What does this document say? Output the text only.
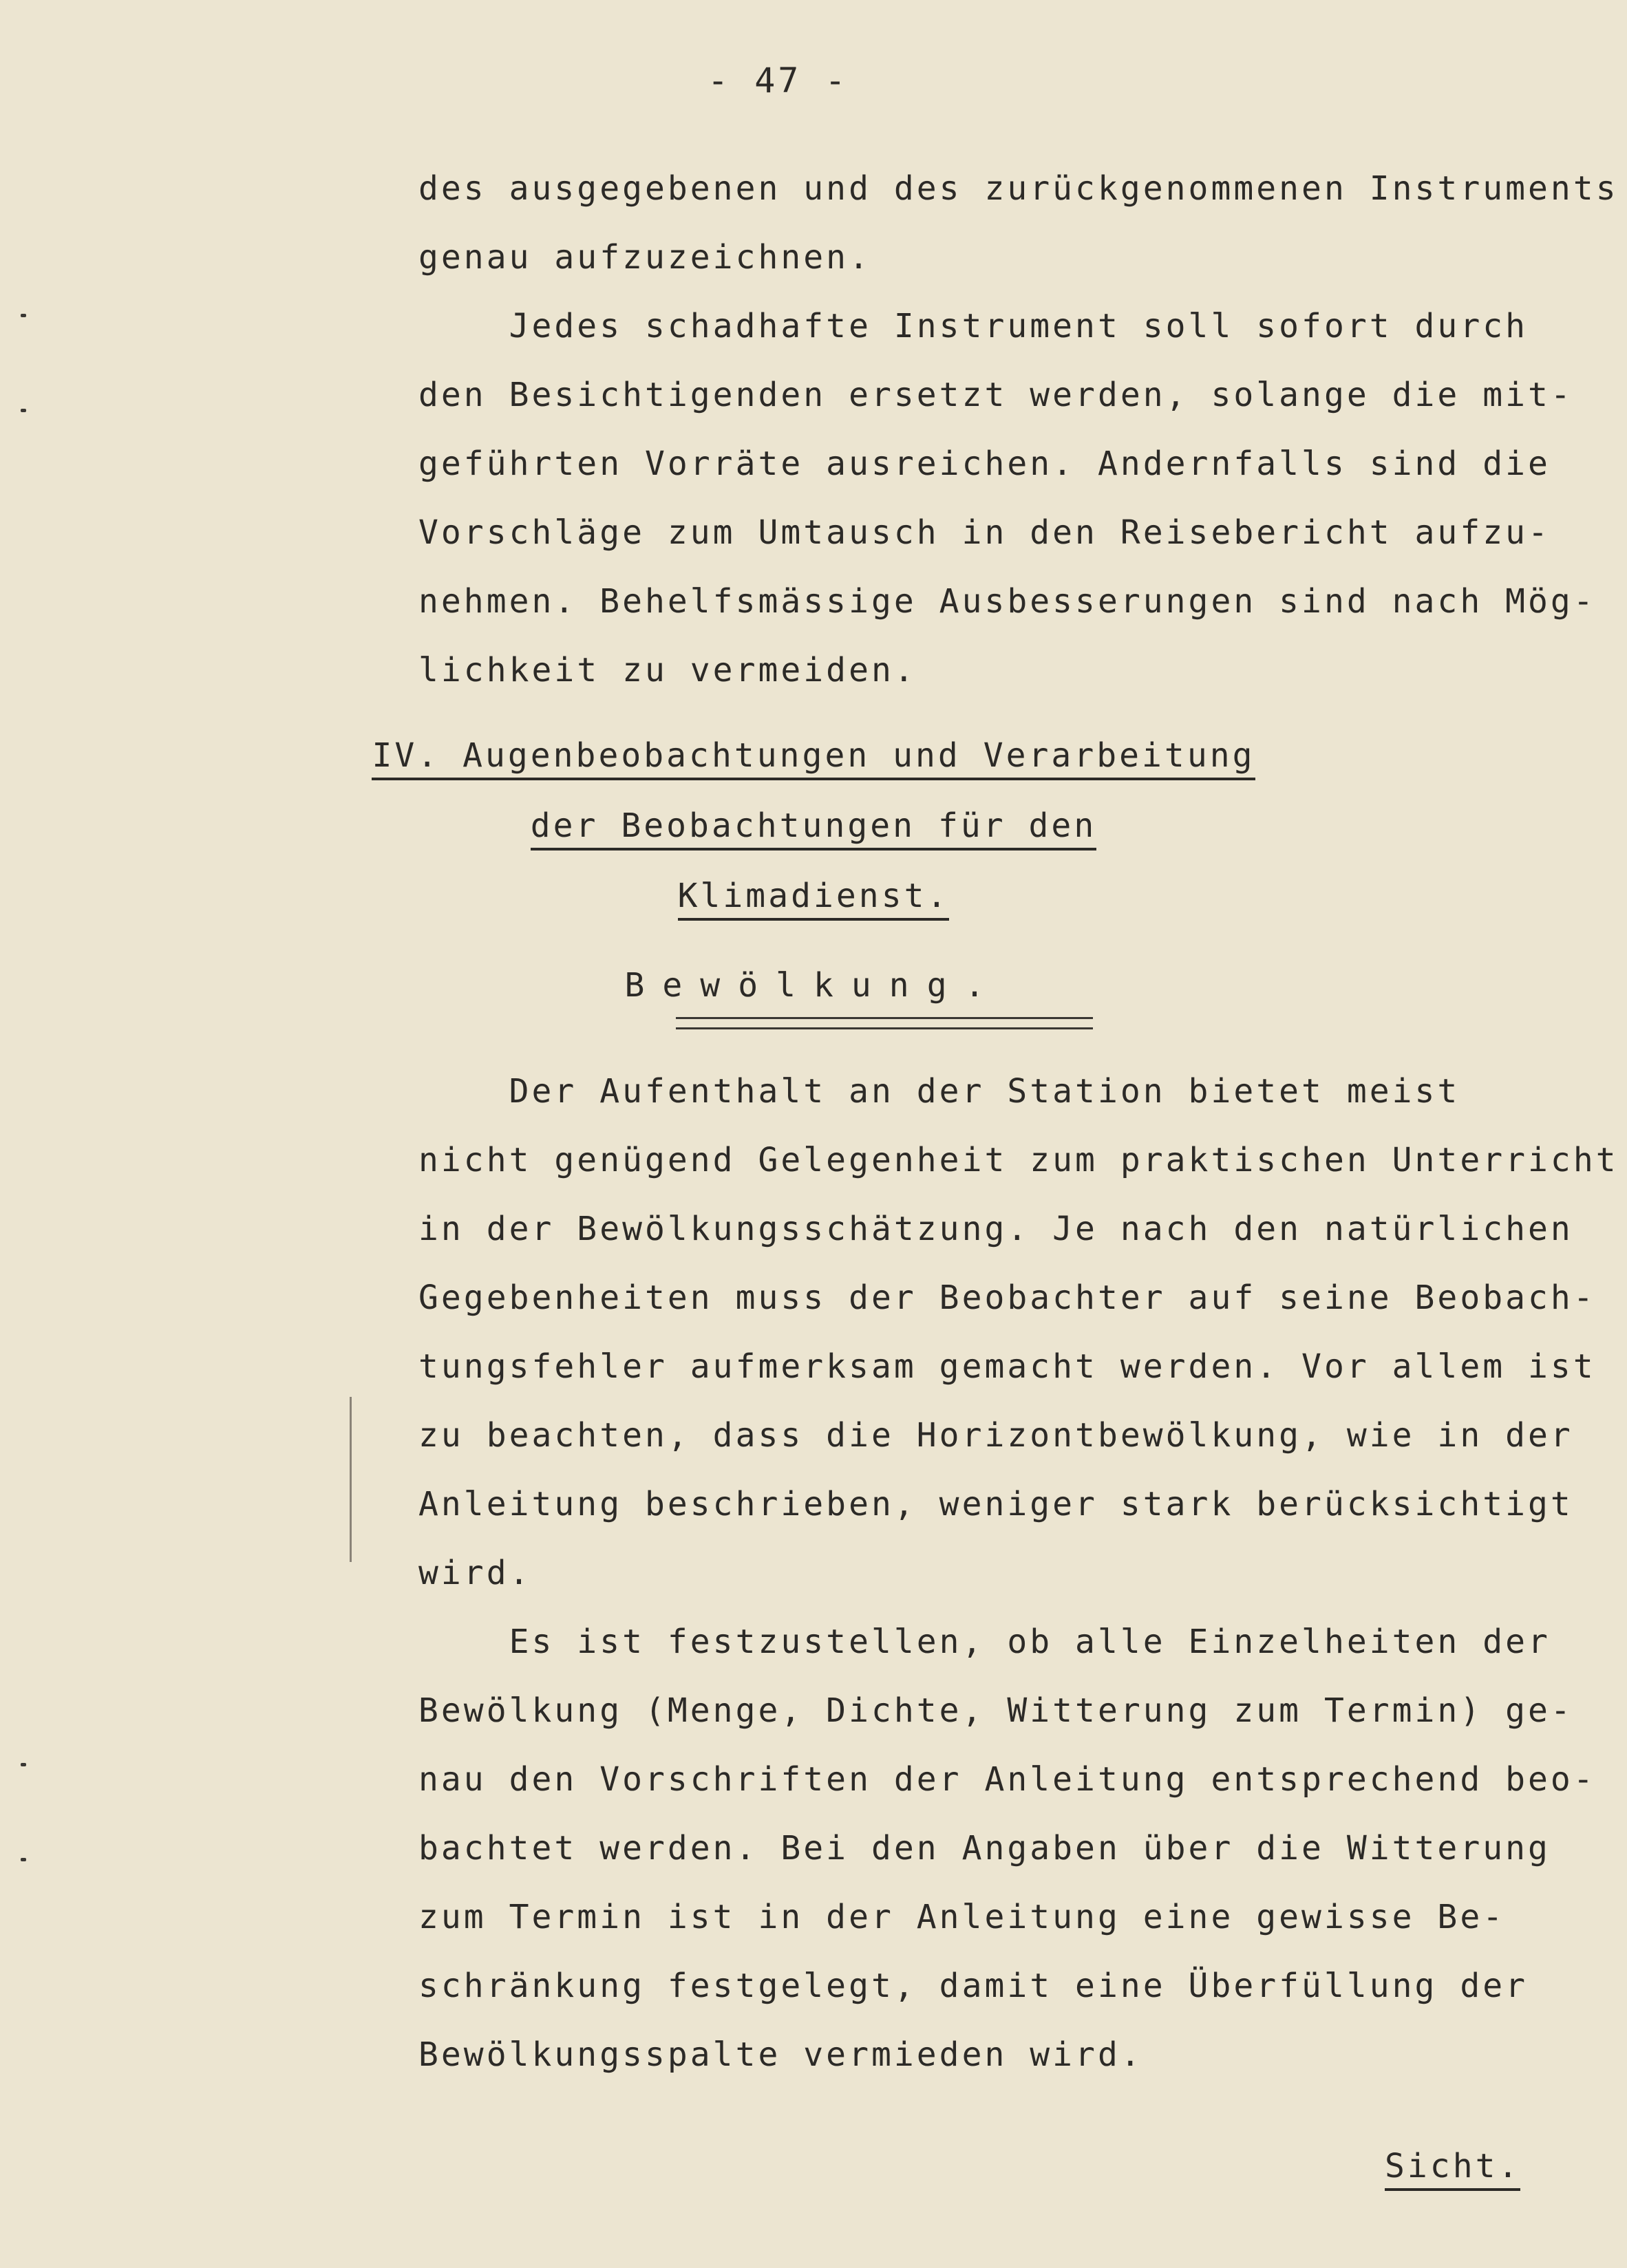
- 47 -
des ausgegebenen und des zurückgenommenen Instruments
genau aufzuzeichnen.
Jedes schadhafte Instrument soll sofort durch
den Besichtigenden ersetzt werden, solange die mit-
geführten Vorräte ausreichen. Andernfalls sind die
Vorschläge zum Umtausch in den Reisebericht aufzu-
nehmen. Behelfsmässige Ausbesserungen sind nach Mög-
lichkeit zu vermeiden.
IV. Augenbeobachtungen und Verarbeitung
der Beobachtungen für den
Klimadienst.
Bewölkung.
Der Aufenthalt an der Station bietet meist
nicht genügend Gelegenheit zum praktischen Unterricht
in der Bewölkungsschätzung. Je nach den natürlichen
Gegebenheiten muss der Beobachter auf seine Beobach-
tungsfehler aufmerksam gemacht werden. Vor allem ist
zu beachten, dass die Horizontbewölkung, wie in der
Anleitung beschrieben, weniger stark berücksichtigt
wird.
Es ist festzustellen, ob alle Einzelheiten der
Bewölkung (Menge, Dichte, Witterung zum Termin) ge-
nau den Vorschriften der Anleitung entsprechend beo-
bachtet werden. Bei den Angaben über die Witterung
zum Termin ist in der Anleitung eine gewisse Be-
schränkung festgelegt, damit eine Überfüllung der
Bewölkungsspalte vermieden wird.
Sicht.
